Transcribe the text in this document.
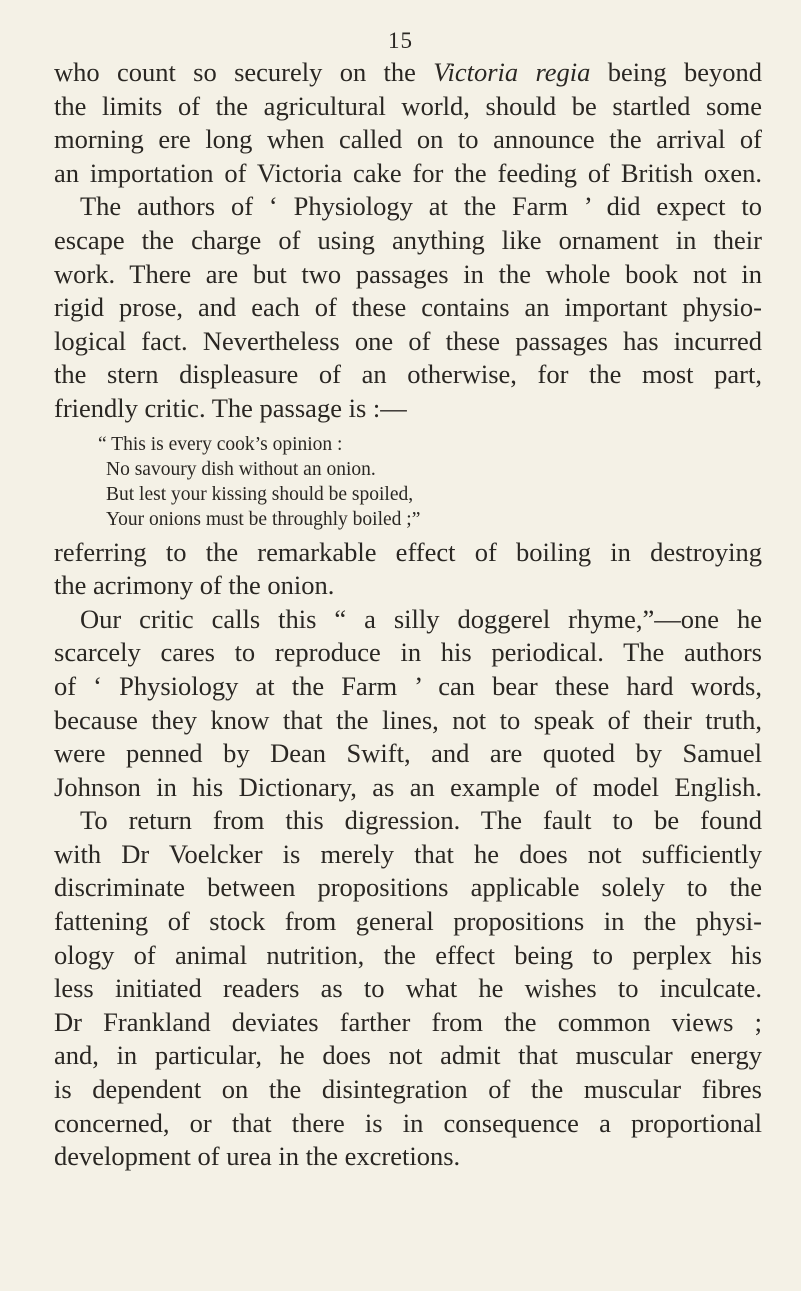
15
who count so securely on the Victoria regia being beyond
the limits of the agricultural world, should be startled some
morning ere long when called on to announce the arrival of
an importation of Victoria cake for the feeding of British oxen.
The authors of ‘ Physiology at the Farm ’ did expect to
escape the charge of using anything like ornament in their
work. There are but two passages in the whole book not in
rigid prose, and each of these contains an important physio-
logical fact. Nevertheless one of these passages has incurred
the stern displeasure of an otherwise, for the most part,
friendly critic. The passage is :—
“ This is every cook’s opinion :
No savoury dish without an onion.
But lest your kissing should be spoiled,
Your onions must be throughly boiled ;”
referring to the remarkable effect of boiling in destroying
the acrimony of the onion.
Our critic calls this “ a silly doggerel rhyme,”—one he
scarcely cares to reproduce in his periodical. The authors
of ‘ Physiology at the Farm ’ can bear these hard words,
because they know that the lines, not to speak of their truth,
were penned by Dean Swift, and are quoted by Samuel
Johnson in his Dictionary, as an example of model English.
To return from this digression. The fault to be found
with Dr Voelcker is merely that he does not sufficiently
discriminate between propositions applicable solely to the
fattening of stock from general propositions in the physi-
ology of animal nutrition, the effect being to perplex his
less initiated readers as to what he wishes to inculcate.
Dr Frankland deviates farther from the common views ;
and, in particular, he does not admit that muscular energy
is dependent on the disintegration of the muscular fibres
concerned, or that there is in consequence a proportional
development of urea in the excretions.
